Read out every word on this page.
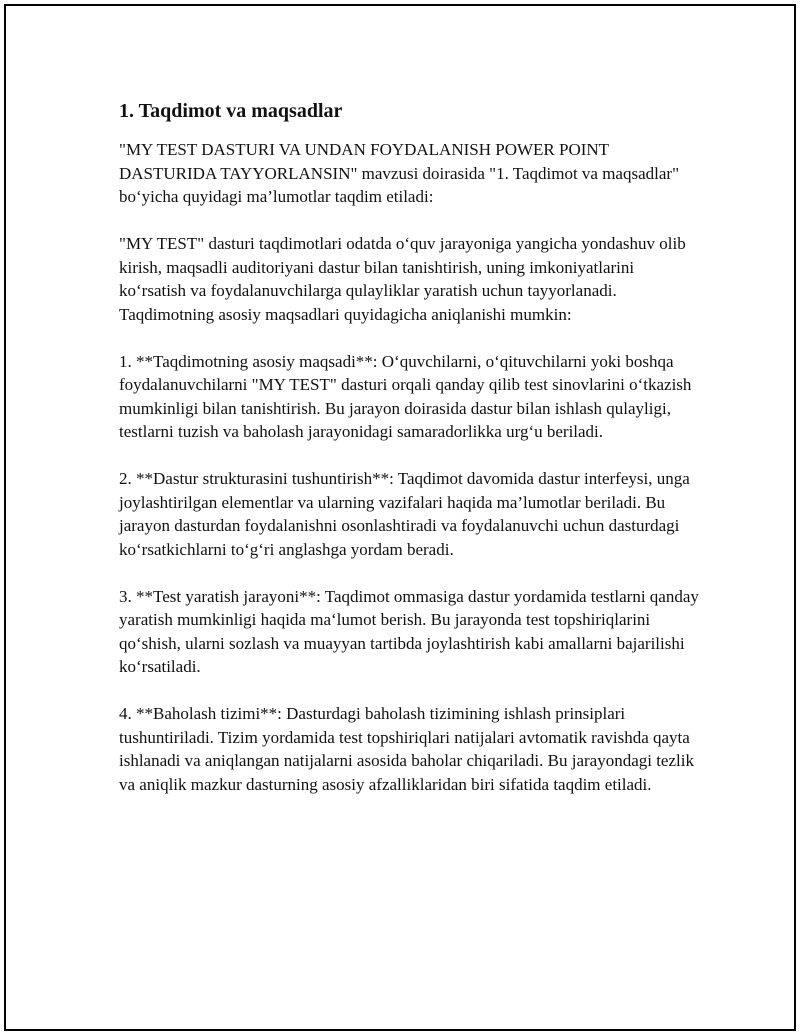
1. Taqdimot va maqsadlar

"MY TEST DASTURI VA UNDAN FOYDALANISH POWER POINT DASTURIDA TAYYORLANSIN" mavzusi doirasida "1. Taqdimot va maqsadlar" bo‘yicha quyidagi ma’lumotlar taqdim etiladi:

"MY TEST" dasturi taqdimotlari odatda o‘quv jarayoniga yangicha yondashuv olib kirish, maqsadli auditoriyani dastur bilan tanishtirish, uning imkoniyatlarini ko‘rsatish va foydalanuvchilarga qulayliklar yaratish uchun tayyorlanadi. Taqdimotning asosiy maqsadlari quyidagicha aniqlanishi mumkin:

1. **Taqdimotning asosiy maqsadi**: O‘quvchilarni, o‘qituvchilarni yoki boshqa foydalanuvchilarni "MY TEST" dasturi orqali qanday qilib test sinovlarini o‘tkazish mumkinligi bilan tanishtirish. Bu jarayon doirasida dastur bilan ishlash qulayligi, testlarni tuzish va baholash jarayonidagi samaradorlikka urg‘u beriladi.

2. **Dastur strukturasini tushuntirish**: Taqdimot davomida dastur interfeysi, unga joylashtirilgan elementlar va ularning vazifalari haqida ma’lumotlar beriladi. Bu jarayon dasturdan foydalanishni osonlashtiradi va foydalanuvchi uchun dasturdagi ko‘rsatkichlarni to‘g‘ri anglashga yordam beradi.

3. **Test yaratish jarayoni**: Taqdimot ommasiga dastur yordamida testlarni qanday yaratish mumkinligi haqida ma‘lumot berish. Bu jarayonda test topshiriqlarini qo‘shish, ularni sozlash va muayyan tartibda joylashtirish kabi amallarni bajarilishi ko‘rsatiladi.

4. **Baholash tizimi**: Dasturdagi baholash tizimining ishlash prinsiplari tushuntiriladi. Tizim yordamida test topshiriqlari natijalari avtomatik ravishda qayta ishlanadi va aniqlangan natijalarni asosida baholar chiqariladi. Bu jarayondagi tezlik va aniqlik mazkur dasturning asosiy afzalliklaridan biri sifatida taqdim etiladi.
